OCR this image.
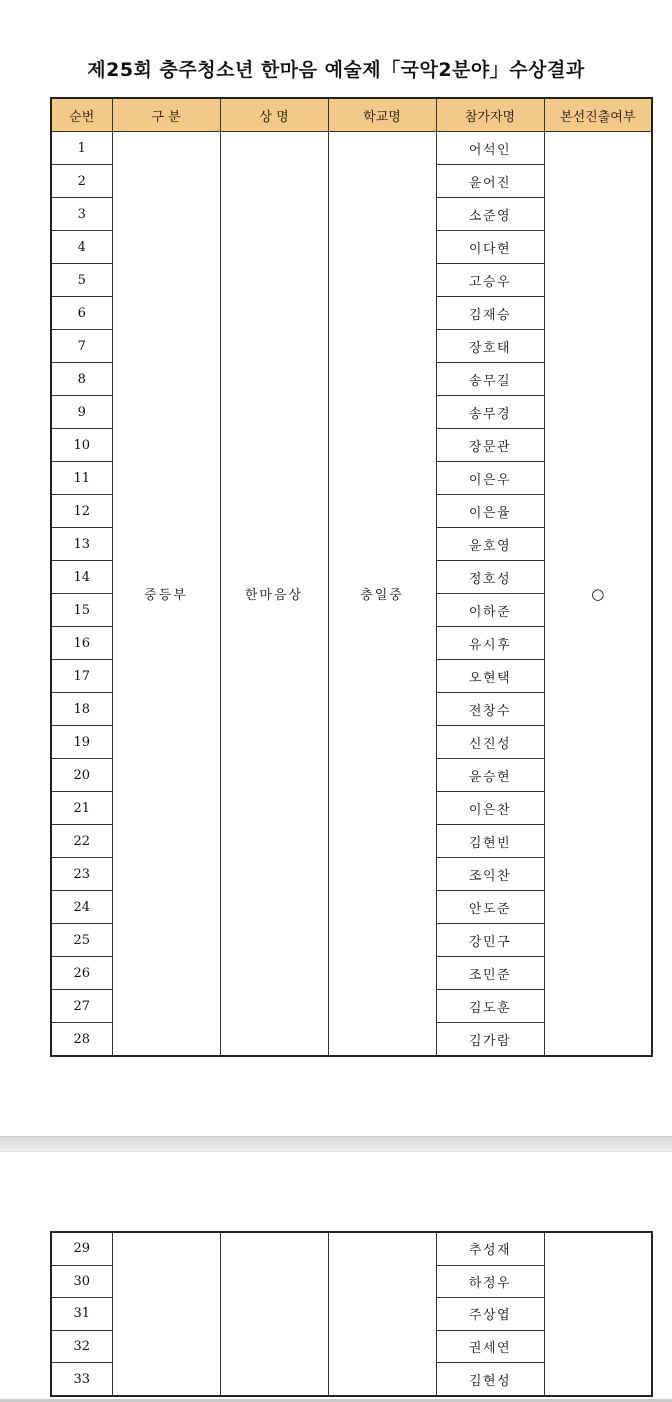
제25회 충주청소년 한마음 예술제「국악2분야」수상결과
순번	구 분	상 명	학교명	참가자명	본선진출여부
1	중등부	한마음상	충일중	어석인	○
2				윤어진	
3				소준영	
4				이다현	
5				고승우	
6				김재승	
7				장호태	
8				송무길	
9				송무경	
10				장문관	
11				이은우	
12				이은율	
13				윤호영	
14				정호성	
15				이하준	
16				유시후	
17				오현택	
18				전창수	
19				신진성	
20				윤승현	
21				이은찬	
22				김현빈	
23				조익찬	
24				안도준	
25				강민구	
26				조민준	
27				김도훈	
28				김가람	
29				추성재	
30				하정우	
31				주상엽	
32				권세연	
33				김현성	
